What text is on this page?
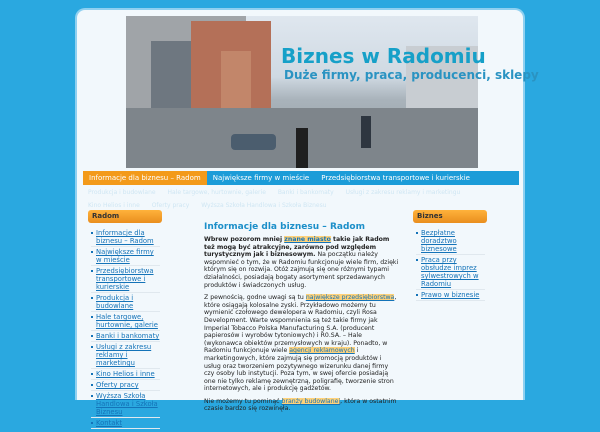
Biznes w Radomiu
Duże firmy, praca, producenci, sklepy
Informacje dla biznesu – Radom	Największe firmy w mieście	Przedsiębiorstwa transportowe i kurierskie
Produkcja i budowlane Hale targowe, hurtownie, galerie Banki i bankomaty Usługi z zakresu reklamy i marketingu
Kino Helios i inne Oferty pracy Wyższa Szkoła Handlowa i Szkoła Biznesu
Radom
Informacje dla biznesu – Radom
Największe firmy w mieście
Przedsiębiorstwa transportowe i kurierskie
Produkcja i budowlane
Hale targowe, hurtownie, galerie
Banki i bankomaty
Usługi z zakresu reklamy i marketingu
Kino Helios i inne
Oferty pracy
Wyższa Szkoła Handlowa i Szkoła Biznesu
Kontakt
Informacje dla biznesu – Radom

Wbrew pozorom mniej znane miasto takie jak Radom też mogą być atrakcyjne, zarówno pod względem turystycznym jak i biznesowym. Na początku należy wspomnieć o tym, że w Radomiu funkcjonuje wiele firm, dzięki którym się on rozwija. Otóż zajmują się one różnymi typami działalności, posiadają bogaty asortyment sprzedawanych produktów i świadczonych usług.

Z pewnością, godne uwagi są tu największe przedsiębiorstwa, które osiągają kolosalne zyski. Przykładowo możemy tu wymienić czołowego dewelopera w Radomiu, czyli Rosa Development. Warte wspomnienia są też takie firmy jak Imperial Tobacco Polska Manufacturing S.A. (producent papierosów i wyrobów tytoniowych) i R0.SA. – Hale (wykonawca obiektów przemysłowych w kraju). Ponadto, w Radomiu funkcjonuje wiele agencji reklamowych i marketingowych, które zajmują się promocją produktów i usług oraz tworzeniem pozytywnego wizerunku danej firmy czy osoby lub instytucji. Poza tym, w swej ofercie posiadają one nie tylko reklamę zewnętrzną, poligrafię, tworzenie stron internetowych, ale i produkcję gadżetów.

Nie możemy tu pominąć branży budowlanej, która w ostatnim czasie bardzo się rozwinęła.

Biznes
Bezpłatne doradztwo biznesowe
Praca przy obsłudze imprez sylwestrowych w Radomiu
Prawo w biznesie
